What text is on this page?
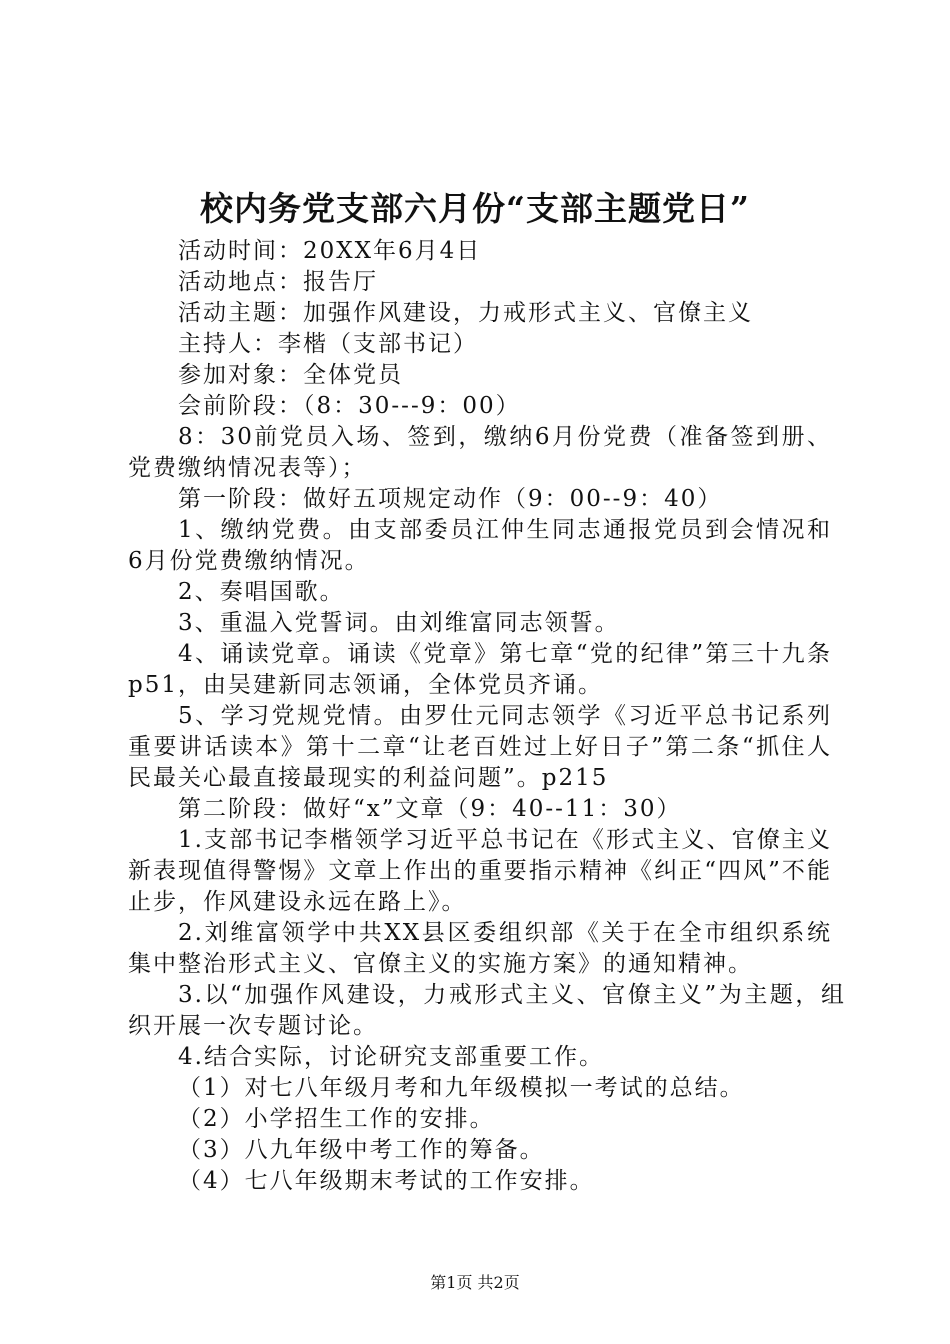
校内务党支部六月份“支部主题党日”

活动时间：20XX年6月4日

活动地点：报告厅

活动主题：加强作风建设，力戒形式主义、官僚主义

主持人：李楷（支部书记）

参加对象：全体党员

会前阶段：（8：30---9：00）

8：30前党员入场、签到，缴纳6月份党费（准备签到册、党费缴纳情况表等）；

第一阶段：做好五项规定动作（9：00--9：40）

1、缴纳党费。由支部委员江仲生同志通报党员到会情况和6月份党费缴纳情况。

2、奏唱国歌。

3、重温入党誓词。由刘维富同志领誓。

4、诵读党章。诵读《党章》第七章“党的纪律”第三十九条p51，由吴建新同志领诵，全体党员齐诵。

5、学习党规党情。由罗仕元同志领学《习近平总书记系列重要讲话读本》第十二章“让老百姓过上好日子”第二条“抓住人民最关心最直接最现实的利益问题”。p215

第二阶段：做好“x”文章（9：40--11：30）

1.支部书记李楷领学习近平总书记在《形式主义、官僚主义新表现值得警惕》文章上作出的重要指示精神《纠正“四风”不能止步，作风建设永远在路上》。

2.刘维富领学中共XX县区委组织部《关于在全市组织系统集中整治形式主义、官僚主义的实施方案》的通知精神。

3.以“加强作风建设，力戒形式主义、官僚主义”为主题，组织开展一次专题讨论。

4.结合实际，讨论研究支部重要工作。

（1）对七八年级月考和九年级模拟一考试的总结。

（2）小学招生工作的安排。

（3）八九年级中考工作的筹备。

（4）七八年级期末考试的工作安排。

第1页 共2页
